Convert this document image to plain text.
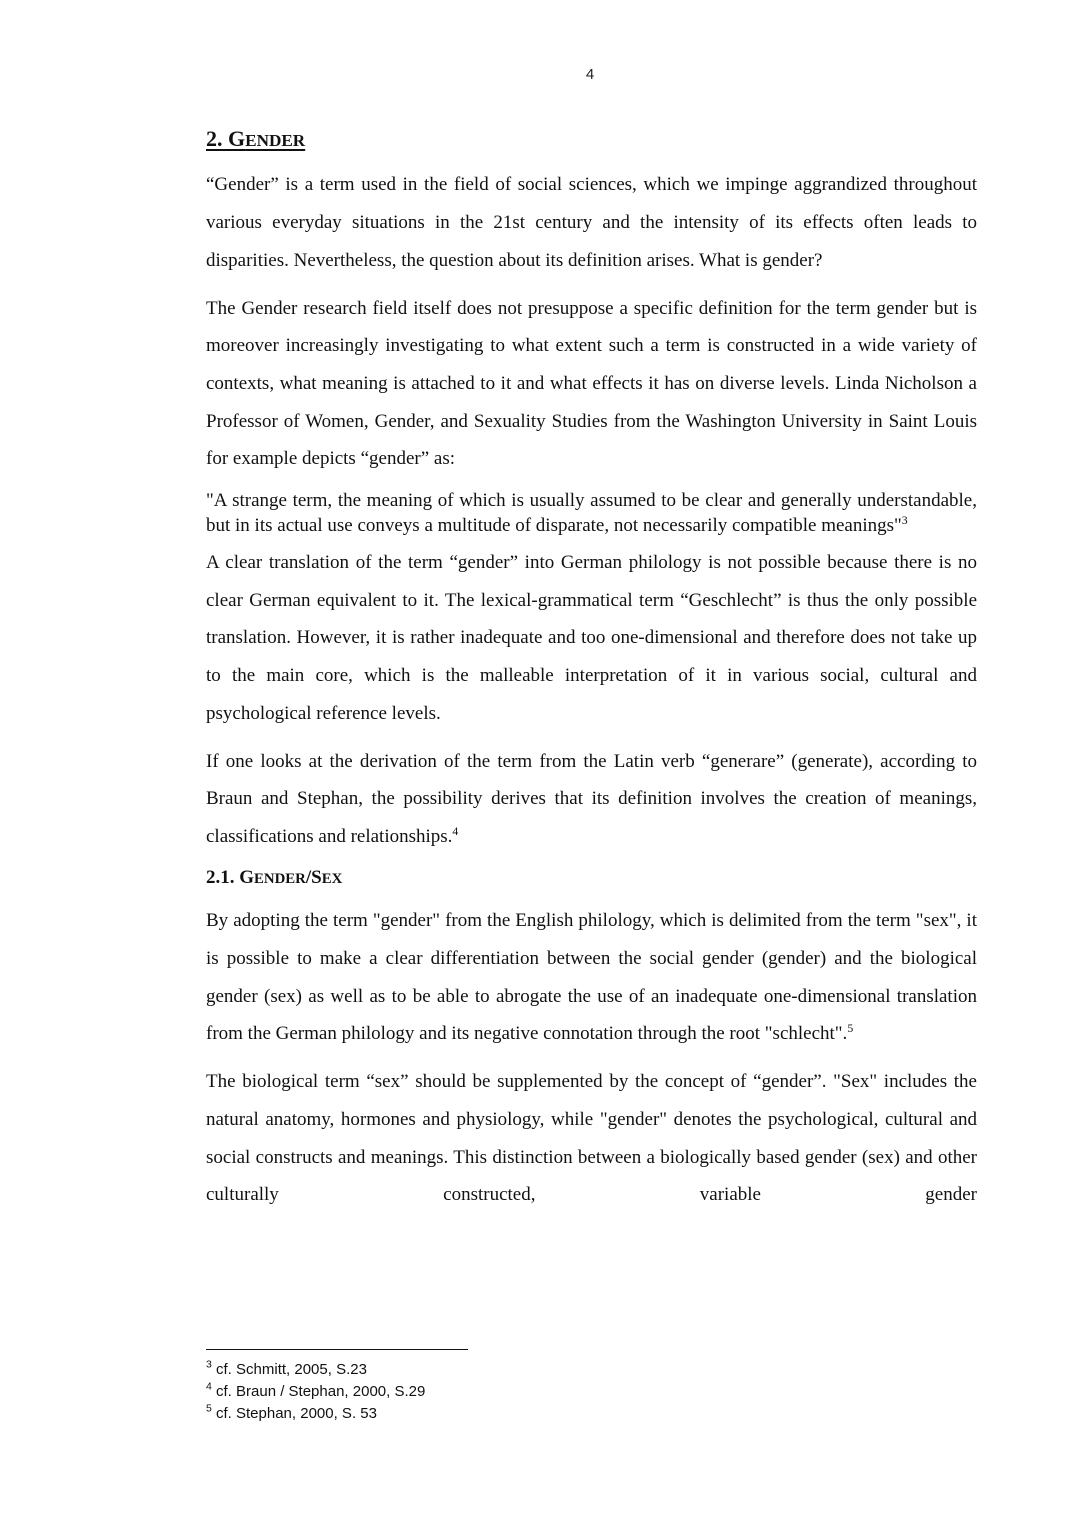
4
2. GENDER

“Gender” is a term used in the field of social sciences, which we impinge aggrandized throughout various everyday situations in the 21st century and the intensity of its effects often leads to disparities. Nevertheless, the question about its definition arises. What is gender?

The Gender research field itself does not presuppose a specific definition for the term gender but is moreover increasingly investigating to what extent such a term is constructed in a wide variety of contexts, what meaning is attached to it and what effects it has on diverse levels. Linda Nicholson a Professor of Women, Gender, and Sexuality Studies from the Washington University in Saint Louis for example depicts “gender” as:

"A strange term, the meaning of which is usually assumed to be clear and generally understandable, but in its actual use conveys a multitude of disparate, not necessarily compatible meanings"$^3$

A clear translation of the term “gender” into German philology is not possible because there is no clear German equivalent to it. The lexical-grammatical term “Geschlecht” is thus the only possible translation. However, it is rather inadequate and too one-dimensional and therefore does not take up to the main core, which is the malleable interpretation of it in various social, cultural and psychological reference levels.

If one looks at the derivation of the term from the Latin verb “generare” (generate), according to Braun and Stephan, the possibility derives that its definition involves the creation of meanings, classifications and relationships.$^4$

2.1. GENDER/SEX

By adopting the term "gender" from the English philology, which is delimited from the term "sex", it is possible to make a clear differentiation between the social gender (gender) and the biological gender (sex) as well as to be able to abrogate the use of an inadequate one-dimensional translation from the German philology and its negative connotation through the root "schlecht".$^5$

The biological term “sex” should be supplemented by the concept of “gender”. "Sex" includes the natural anatomy, hormones and physiology, while "gender" denotes the psychological, cultural and social constructs and meanings. This distinction between a biologically based gender (sex) and other culturally constructed, variable gender

$^3$ cf. Schmitt, 2005, S.23
$^4$ cf. Braun / Stephan, 2000, S.29
$^5$ cf. Stephan, 2000, S. 53
